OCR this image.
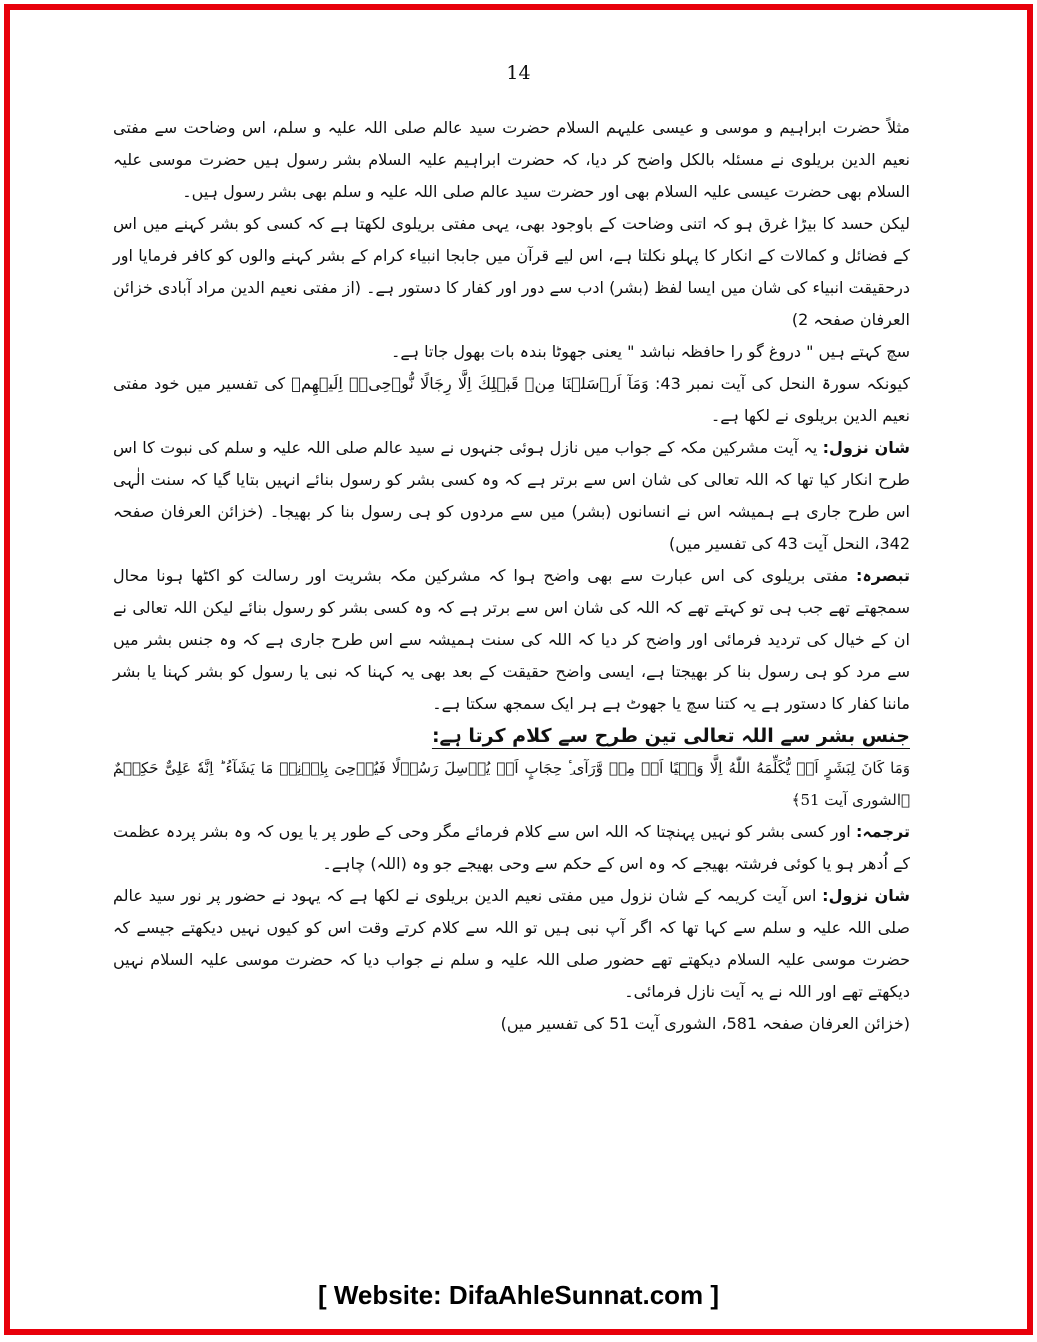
14

مثلاً حضرت ابراہیم و موسی و عیسی علیہم السلام حضرت سید عالم صلی اللہ علیہ و سلم، اس وضاحت سے مفتی نعیم الدین بریلوی نے مسئلہ بالکل واضح کر دیا، کہ حضرت ابراہیم علیہ السلام بشر رسول ہیں حضرت موسی علیہ السلام بھی حضرت عیسی علیہ السلام بھی اور حضرت سید عالم صلی اللہ علیہ و سلم بھی بشر رسول ہیں۔

لیکن حسد کا بیڑا غرق ہو کہ اتنی وضاحت کے باوجود بھی، یہی مفتی بریلوی لکھتا ہے کہ کسی کو بشر کہنے میں اس کے فضائل و کمالات کے انکار کا پہلو نکلتا ہے، اس لیے قرآن میں جابجا انبیاء کرام کے بشر کہنے والوں کو کافر فرمایا اور درحقیقت انبیاء کی شان میں ایسا لفظ (بشر) ادب سے دور اور کفار کا دستور ہے۔ (از مفتی نعیم الدین مراد آبادی خزائن العرفان صفحہ 2)

سچ کہتے ہیں " دروغ گو را حافظہ نباشد " یعنی جھوٹا بندہ بات بھول جاتا ہے۔

کیونکہ سورۃ النحل کی آیت نمبر 43: وَمَآ اَرۡسَلۡنَا مِنۡ قَبۡلِكَ اِلَّا رِجَالًا نُّوۡحِىۡۤ اِلَيۡهِمۡ کی تفسیر میں خود مفتی نعیم الدین بریلوی نے لکھا ہے۔

شان نزول: یہ آیت مشرکین مکہ کے جواب میں نازل ہوئی جنہوں نے سید عالم صلی اللہ علیہ و سلم کی نبوت کا اس طرح انکار کیا تھا کہ اللہ تعالی کی شان اس سے برتر ہے کہ وہ کسی بشر کو رسول بنائے انہیں بتایا گیا کہ سنت الٰہی اس طرح جاری ہے ہمیشہ اس نے انسانوں (بشر) میں سے مردوں کو ہی رسول بنا کر بھیجا۔ (خزائن العرفان صفحہ 342، النحل آیت 43 کی تفسیر میں)

تبصرہ: مفتی بریلوی کی اس عبارت سے بھی واضح ہوا کہ مشرکین مکہ بشریت اور رسالت کو اکٹھا ہونا محال سمجھتے تھے جب ہی تو کہتے تھے کہ اللہ کی شان اس سے برتر ہے کہ وہ کسی بشر کو رسول بنائے لیکن اللہ تعالی نے ان کے خیال کی تردید فرمائی اور واضح کر دیا کہ اللہ کی سنت ہمیشہ سے اس طرح جاری ہے کہ وہ جنس بشر میں سے مرد کو ہی رسول بنا کر بھیجتا ہے، ایسی واضح حقیقت کے بعد بھی یہ کہنا کہ نبی یا رسول کو بشر کہنا یا بشر ماننا کفار کا دستور ہے یہ کتنا سچ یا جھوٹ ہے ہر ایک سمجھ سکتا ہے۔

جنس بشر سے اللہ تعالی تین طرح سے کلام کرتا ہے:

وَمَا كَانَ لِبَشَرٍ اَنۡ يُّكَلِّمَهُ اللّٰهُ اِلَّا وَحۡيًا اَوۡ مِنۡ وَّرَآىٴِ حِجَابٍ اَوۡ يُرۡسِلَ رَسُوۡلًا فَيُوۡحِىَ بِاِذۡنِهٖ مَا يَشَآءُ ‌ؕ اِنَّهٗ عَلِىٌّ حَكِيۡمٌ ﴿الشوری آیت 51﴾

ترجمہ: اور کسی بشر کو نہیں پہنچتا کہ اللہ اس سے کلام فرمائے مگر وحی کے طور پر یا یوں کہ وہ بشر پردہ عظمت کے اُدھر ہو یا کوئی فرشتہ بھیجے کہ وہ اس کے حکم سے وحی بھیجے جو وہ (اللہ) چاہے۔

شان نزول: اس آیت کریمہ کے شان نزول میں مفتی نعیم الدین بریلوی نے لکھا ہے کہ یہود نے حضور پر نور سید عالم صلی اللہ علیہ و سلم سے کہا تھا کہ اگر آپ نبی ہیں تو اللہ سے کلام کرتے وقت اس کو کیوں نہیں دیکھتے جیسے کہ حضرت موسی علیہ السلام دیکھتے تھے حضور صلی اللہ علیہ و سلم نے جواب دیا کہ حضرت موسی علیہ السلام نہیں دیکھتے تھے اور اللہ نے یہ آیت نازل فرمائی۔

(خزائن العرفان صفحہ 581، الشوری آیت 51 کی تفسیر میں)

[ Website: DifaAhleSunnat.com ]
